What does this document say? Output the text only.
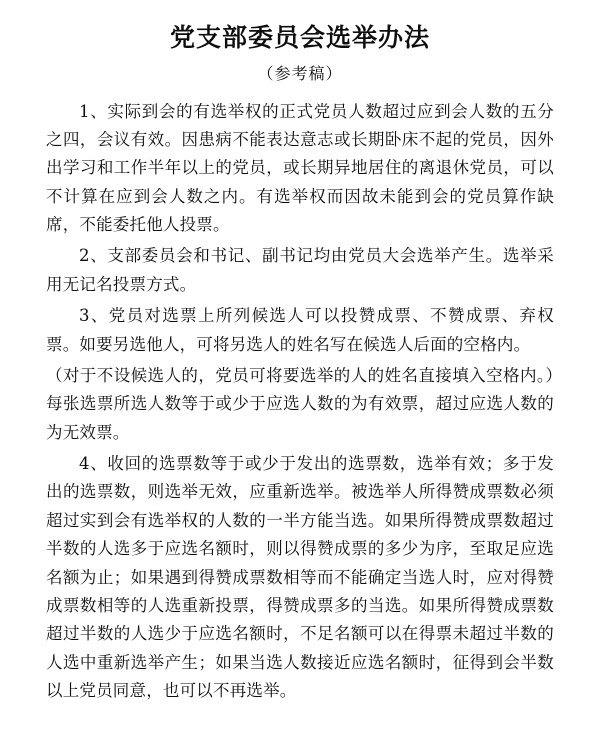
党支部委员会选举办法
（参考稿）

1、实际到会的有选举权的正式党员人数超过应到会人数的五分之四，会议有效。因患病不能表达意志或长期卧床不起的党员，因外出学习和工作半年以上的党员，或长期异地居住的离退休党员，可以不计算在应到会人数之内。有选举权而因故未能到会的党员算作缺席，不能委托他人投票。

2、支部委员会和书记、副书记均由党员大会选举产生。选举采用无记名投票方式。

3、党员对选票上所列候选人可以投赞成票、不赞成票、弃权票。如要另选他人，可将另选人的姓名写在候选人后面的空格内。

（对于不设候选人的，党员可将要选举的人的姓名直接填入空格内。）每张选票所选人数等于或少于应选人数的为有效票，超过应选人数的为无效票。

4、收回的选票数等于或少于发出的选票数，选举有效；多于发出的选票数，则选举无效，应重新选举。被选举人所得赞成票数必须超过实到会有选举权的人数的一半方能当选。如果所得赞成票数超过半数的人选多于应选名额时，则以得赞成票的多少为序，至取足应选名额为止；如果遇到得赞成票数相等而不能确定当选人时，应对得赞成票数相等的人选重新投票，得赞成票多的当选。如果所得赞成票数超过半数的人选少于应选名额时，不足名额可以在得票未超过半数的人选中重新选举产生；如果当选人数接近应选名额时，征得到会半数以上党员同意，也可以不再选举。
